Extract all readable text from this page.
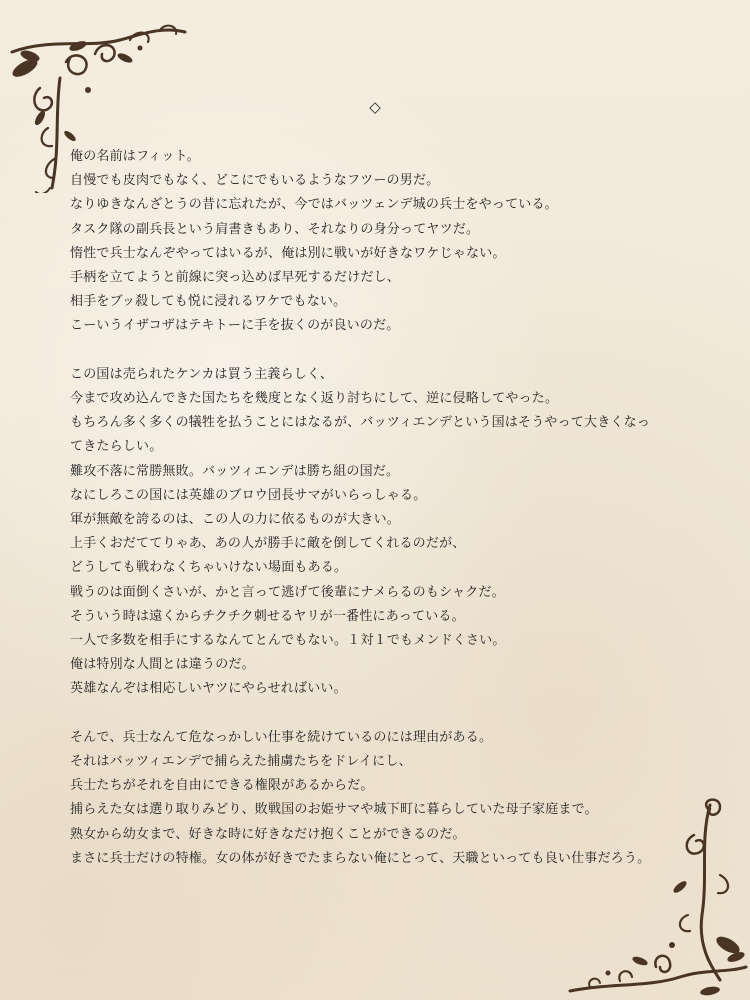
◇

俺の名前はフィット。

自慢でも皮肉でもなく、どこにでもいるようなフツーの男だ。

なりゆきなんざとうの昔に忘れたが、今ではバッツェンデ城の兵士をやっている。

タスク隊の副兵長という肩書きもあり、それなりの身分ってヤツだ。

惰性で兵士なんぞやってはいるが、俺は別に戦いが好きなワケじゃない。

手柄を立てようと前線に突っ込めば早死するだけだし、

相手をブッ殺しても悦に浸れるワケでもない。

こーいうイザコザはテキトーに手を抜くのが良いのだ。

この国は売られたケンカは買う主義らしく、

今まで攻め込んできた国たちを幾度となく返り討ちにして、逆に侵略してやった。

もちろん多く多くの犠牲を払うことにはなるが、バッツィエンデという国はそうやって大きくなっ

てきたらしい。

難攻不落に常勝無敗。バッツィエンデは勝ち組の国だ。

なにしろこの国には英雄のブロウ団長サマがいらっしゃる。

軍が無敵を誇るのは、この人の力に依るものが大きい。

上手くおだててりゃあ、あの人が勝手に敵を倒してくれるのだが、

どうしても戦わなくちゃいけない場面もある。

戦うのは面倒くさいが、かと言って逃げて後輩にナメらるのもシャクだ。

そういう時は遠くからチクチク刺せるヤリが一番性にあっている。

一人で多数を相手にするなんてとんでもない。１対１でもメンドくさい。

俺は特別な人間とは違うのだ。

英雄なんぞは相応しいヤツにやらせればいい。

そんで、兵士なんて危なっかしい仕事を続けているのには理由がある。

それはバッツィエンデで捕らえた捕虜たちをドレイにし、

兵士たちがそれを自由にできる権限があるからだ。

捕らえた女は選り取りみどり、敗戦国のお姫サマや城下町に暮らしていた母子家庭まで。

熟女から幼女まで、好きな時に好きなだけ抱くことができるのだ。

まさに兵士だけの特権。女の体が好きでたまらない俺にとって、天職といっても良い仕事だろう。
